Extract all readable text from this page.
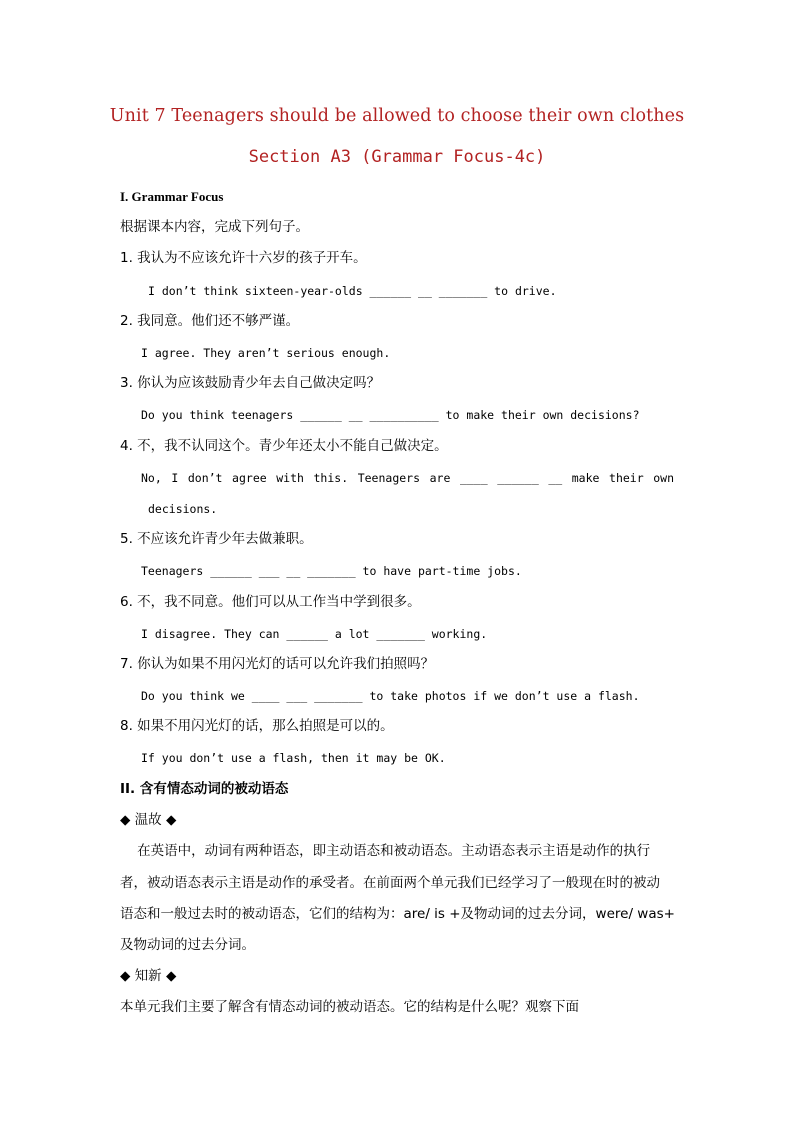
Unit 7 Teenagers should be allowed to choose their own clothes
Section A3 (Grammar Focus-4c)
I. Grammar Focus
根据课本内容，完成下列句子。
1. 我认为不应该允许十六岁的孩子开车。
I don’t think sixteen-year-olds ______ __ _______ to drive.
2. 我同意。他们还不够严谨。
I agree. They aren’t serious enough.
3. 你认为应该鼓励青少年去自己做决定吗？
Do you think teenagers ______ __ __________ to make their own decisions?
4. 不，我不认同这个。青少年还太小不能自己做决定。
No, I don’t agree with this. Teenagers are ____ ______ __ make their own
decisions.
5. 不应该允许青少年去做兼职。
Teenagers ______ ___ __ _______ to have part-time jobs.
6. 不，我不同意。他们可以从工作当中学到很多。
I disagree. They can ______ a lot _______ working.
7. 你认为如果不用闪光灯的话可以允许我们拍照吗？
Do you think we ____ ___ _______ to take photos if we don’t use a flash.
8. 如果不用闪光灯的话，那么拍照是可以的。
If you don’t use a flash, then it may be OK.
II. 含有情态动词的被动语态
◆ 温故 ◆
在英语中，动词有两种语态，即主动语态和被动语态。主动语态表示主语是动作的执行
者，被动语态表示主语是动作的承受者。在前面两个单元我们已经学习了一般现在时的被动
语态和一般过去时的被动语态，它们的结构为：are/ is +及物动词的过去分词，were/ was+
及物动词的过去分词。
◆ 知新 ◆
本单元我们主要了解含有情态动词的被动语态。它的结构是什么呢？观察下面
